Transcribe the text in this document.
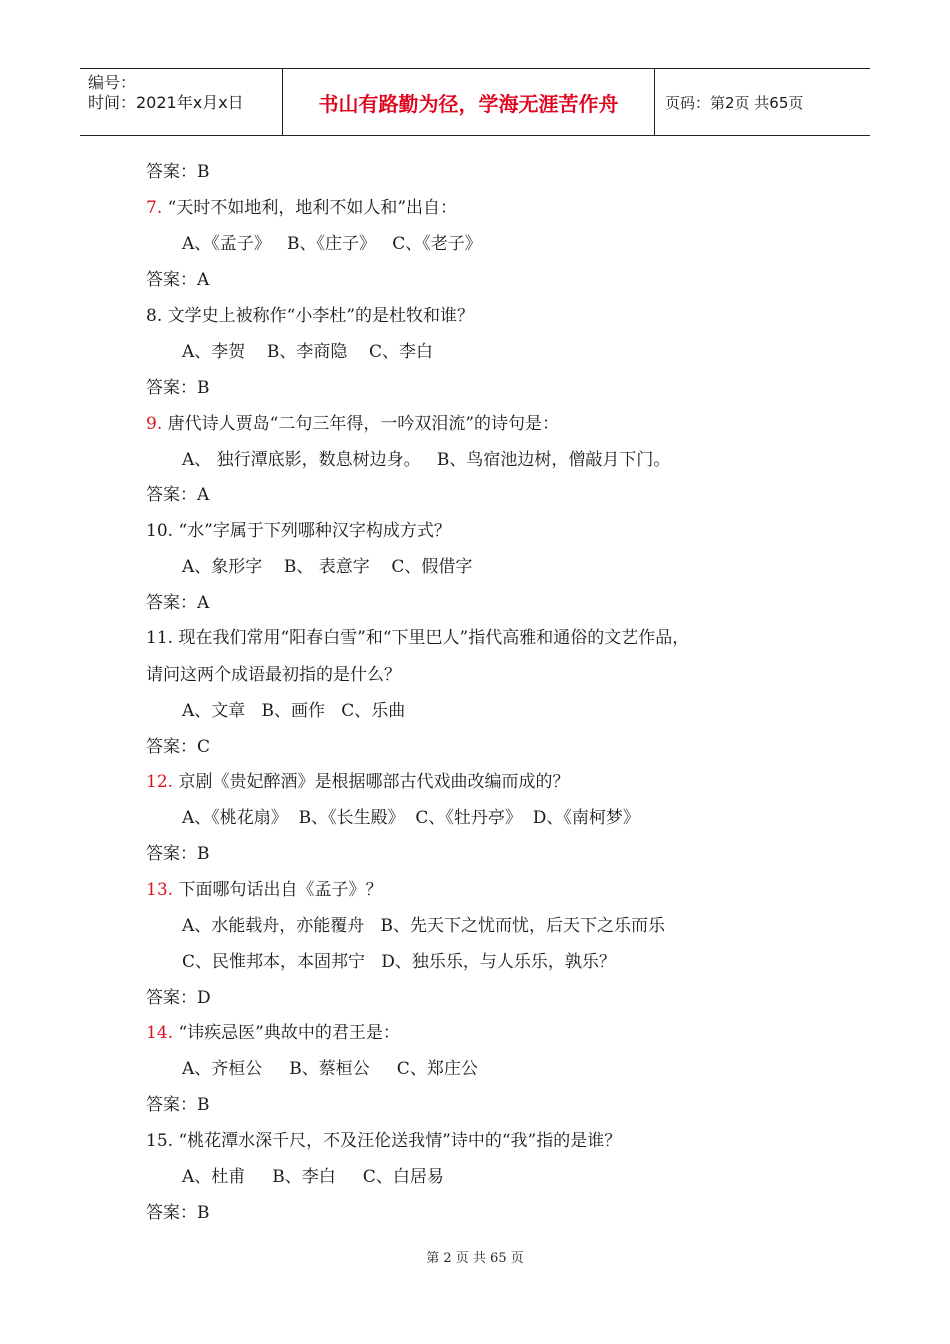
编号：
时间：2021年x月x日	书山有路勤为径，学海无涯苦作舟	页码：第2页 共65页
答案：B
7. “天时不如地利，地利不如人和”出自：
A、《孟子》   B、《庄子》   C、《老子》
答案：A
8. 文学史上被称作“小李杜”的是杜牧和谁？
A、李贺    B、李商隐    C、李白
答案：B
9. 唐代诗人贾岛“二句三年得，一吟双泪流”的诗句是：
A、 独行潭底影，数息树边身。   B、鸟宿池边树，僧敲月下门。
答案：A
10. “水”字属于下列哪种汉字构成方式？
A、象形字    B、 表意字    C、假借字
答案：A
11. 现在我们常用“阳春白雪”和“下里巴人”指代高雅和通俗的文艺作品，
请问这两个成语最初指的是什么？
A、文章   B、画作   C、乐曲
答案：C
12. 京剧《贵妃醉酒》是根据哪部古代戏曲改编而成的？
A、《桃花扇》  B、《长生殿》  C、《牡丹亭》  D、《南柯梦》
答案：B
13. 下面哪句话出自《孟子》？
A、水能载舟，亦能覆舟   B、先天下之忧而忧，后天下之乐而乐
C、民惟邦本，本固邦宁   D、独乐乐，与人乐乐，孰乐？
答案：D
14. “讳疾忌医”典故中的君王是：
A、齐桓公     B、蔡桓公     C、郑庄公
答案：B
15. “桃花潭水深千尺，不及汪伦送我情”诗中的“我”指的是谁？
A、杜甫     B、李白     C、白居易
答案：B
第 2 页 共 65 页
